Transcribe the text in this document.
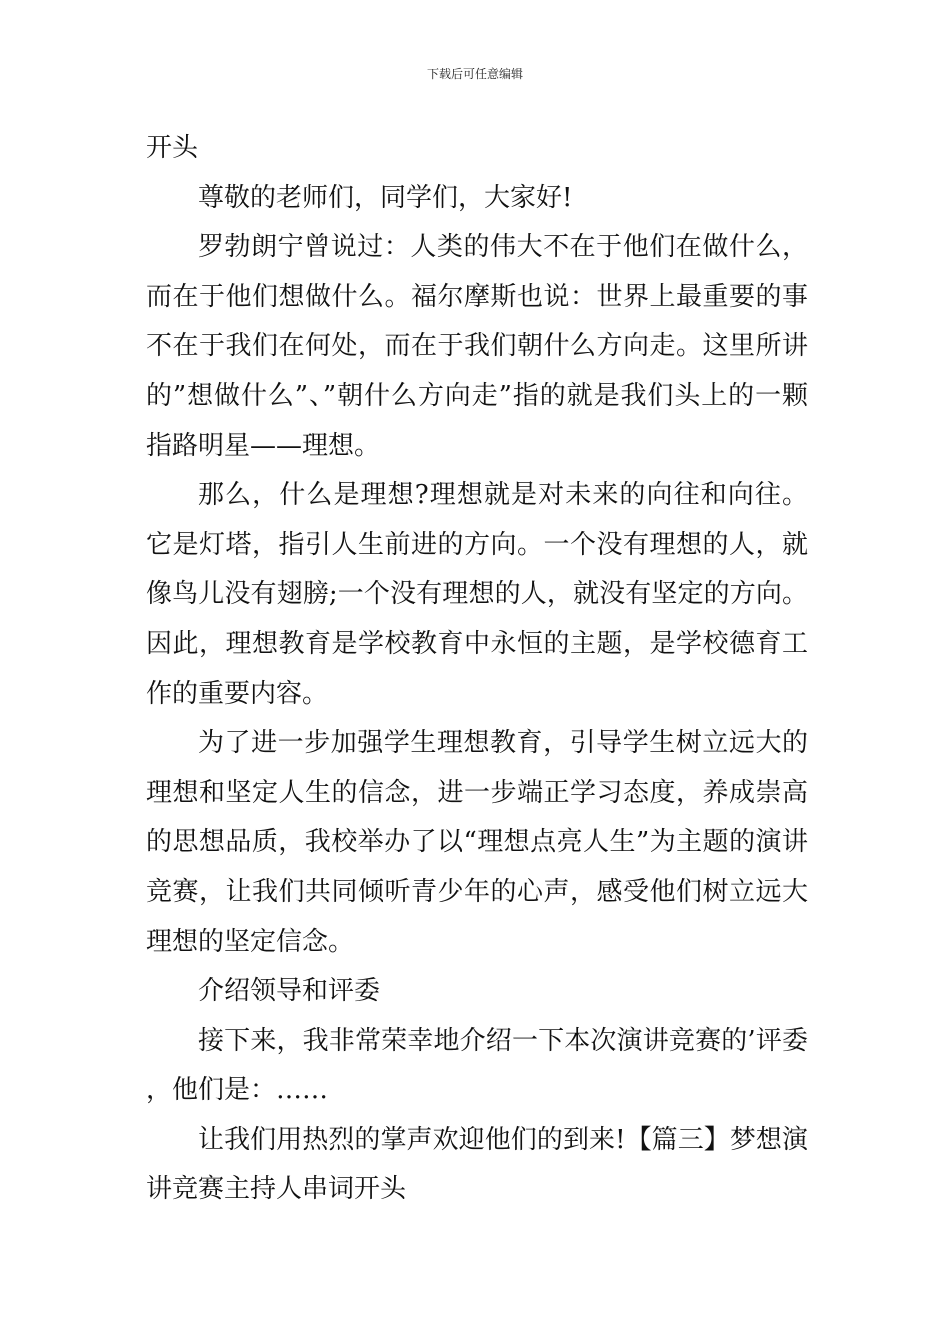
下载后可任意编辑

开头

尊敬的老师们，同学们，大家好!

罗勃朗宁曾说过：人类的伟大不在于他们在做什么，而在于他们想做什么。福尔摩斯也说：世界上最重要的事不在于我们在何处，而在于我们朝什么方向走。这里所讲的”想做什么”、”朝什么方向走”指的就是我们头上的一颗指路明星——理想。

那么，什么是理想?理想就是对未来的向往和向往。它是灯塔，指引人生前进的方向。一个没有理想的人，就像鸟儿没有翅膀;一个没有理想的人，就没有坚定的方向。因此，理想教育是学校教育中永恒的主题，是学校德育工作的重要内容。

为了进一步加强学生理想教育，引导学生树立远大的理想和坚定人生的信念，进一步端正学习态度，养成崇高的思想品质，我校举办了以“理想点亮人生”为主题的演讲竞赛，让我们共同倾听青少年的心声，感受他们树立远大理想的坚定信念。

介绍领导和评委

接下来，我非常荣幸地介绍一下本次演讲竞赛的’评委，他们是：……

让我们用热烈的掌声欢迎他们的到来!【篇三】梦想演讲竞赛主持人串词开头
